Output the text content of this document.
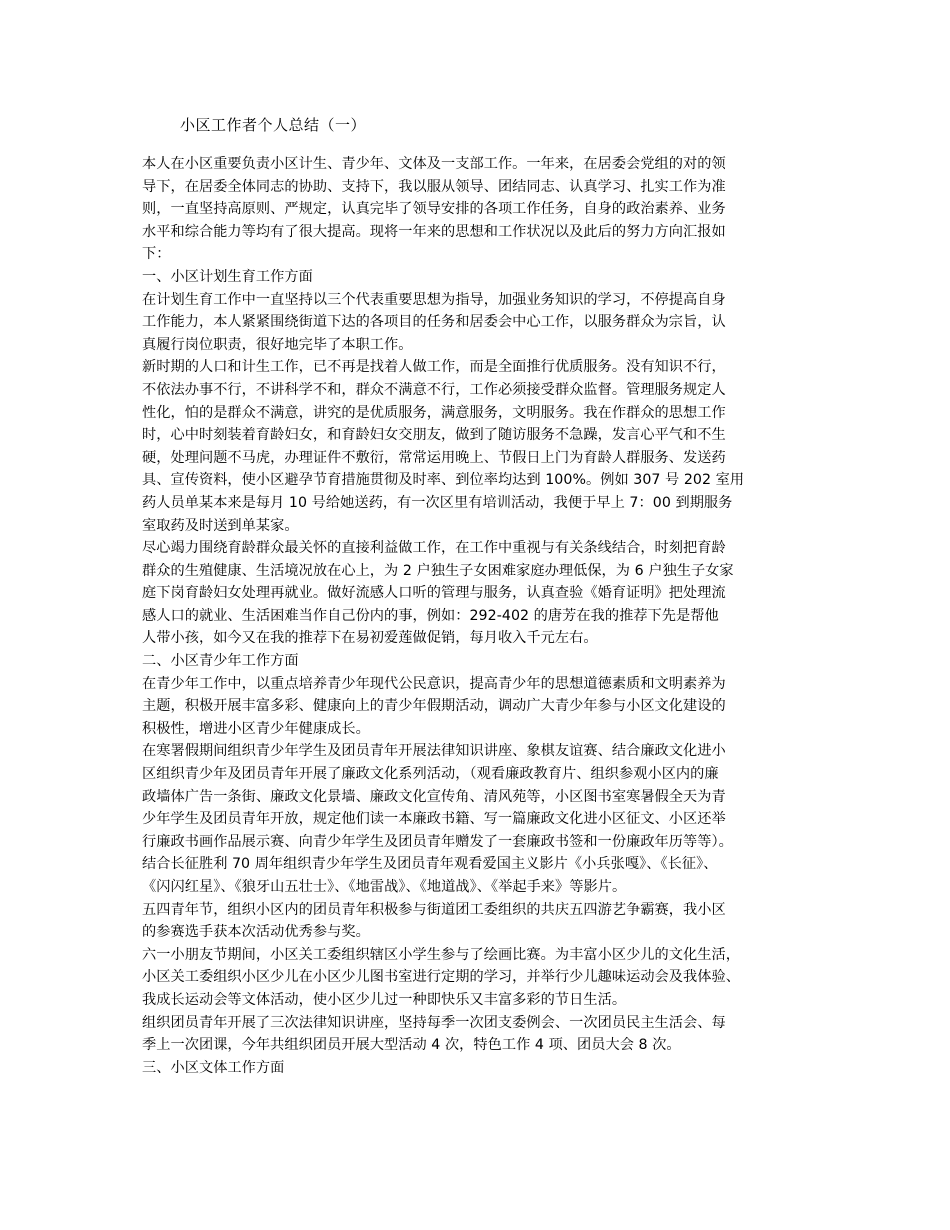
小区工作者个人总结（一）
本人在小区重要负责小区计生、青少年、文体及一支部工作。一年来，在居委会党组的对的领
导下，在居委全体同志的协助、支持下，我以服从领导、团结同志、认真学习、扎实工作为准
则，一直坚持高原则、严规定，认真完毕了领导安排的各项工作任务，自身的政治素养、业务
水平和综合能力等均有了很大提高。现将一年来的思想和工作状况以及此后的努力方向汇报如
下：
一、小区计划生育工作方面
在计划生育工作中一直坚持以三个代表重要思想为指导，加强业务知识的学习，不停提高自身
工作能力，本人紧紧围绕街道下达的各项目的任务和居委会中心工作，以服务群众为宗旨，认
真履行岗位职责，很好地完毕了本职工作。
新时期的人口和计生工作，已不再是找着人做工作，而是全面推行优质服务。没有知识不行，
不依法办事不行，不讲科学不和，群众不满意不行，工作必须接受群众监督。管理服务规定人
性化，怕的是群众不满意，讲究的是优质服务，满意服务，文明服务。我在作群众的思想工作
时，心中时刻装着育龄妇女，和育龄妇女交朋友，做到了随访服务不急躁，发言心平气和不生
硬，处理问题不马虎，办理证件不敷衍，常常运用晚上、节假日上门为育龄人群服务、发送药
具、宣传资料，使小区避孕节育措施贯彻及时率、到位率均达到 100%。例如 307 号 202 室用
药人员单某本来是每月 10 号给她送药，有一次区里有培训活动，我便于早上 7：00 到期服务
室取药及时送到单某家。
尽心竭力围绕育龄群众最关怀的直接利益做工作，在工作中重视与有关条线结合，时刻把育龄
群众的生殖健康、生活境况放在心上，为 2 户独生子女困难家庭办理低保，为 6 户独生子女家
庭下岗育龄妇女处理再就业。做好流感人口听的管理与服务，认真查验《婚育证明》把处理流
感人口的就业、生活困难当作自己份内的事，例如：292-402 的唐芳在我的推荐下先是帮他
人带小孩，如今又在我的推荐下在易初爱莲做促销，每月收入千元左右。
二、小区青少年工作方面
在青少年工作中，以重点培养青少年现代公民意识，提高青少年的思想道德素质和文明素养为
主题，积极开展丰富多彩、健康向上的青少年假期活动，调动广大青少年参与小区文化建设的
积极性，增进小区青少年健康成长。
在寒署假期间组织青少年学生及团员青年开展法律知识讲座、象棋友谊赛、结合廉政文化进小
区组织青少年及团员青年开展了廉政文化系列活动，（观看廉政教育片、组织参观小区内的廉
政墙体广告一条街、廉政文化景墙、廉政文化宣传角、清风苑等，小区图书室寒暑假全天为青
少年学生及团员青年开放，规定他们读一本廉政书籍、写一篇廉政文化进小区征文、小区还举
行廉政书画作品展示赛、向青少年学生及团员青年赠发了一套廉政书签和一份廉政年历等等）。
结合长征胜利 70 周年组织青少年学生及团员青年观看爱国主义影片《小兵张嘎》、《长征》、
《闪闪红星》、《狼牙山五壮士》、《地雷战》、《地道战》、《举起手来》等影片。
五四青年节，组织小区内的团员青年积极参与街道团工委组织的共庆五四游艺争霸赛，我小区
的参赛选手获本次活动优秀参与奖。
六一小朋友节期间，小区关工委组织辖区小学生参与了绘画比赛。为丰富小区少儿的文化生活，
小区关工委组织小区少儿在小区少儿图书室进行定期的学习，并举行少儿趣味运动会及我体验、
我成长运动会等文体活动，使小区少儿过一种即快乐又丰富多彩的节日生活。
组织团员青年开展了三次法律知识讲座，坚持每季一次团支委例会、一次团员民主生活会、每
季上一次团课，今年共组织团员开展大型活动 4 次，特色工作 4 项、团员大会 8 次。
三、小区文体工作方面
